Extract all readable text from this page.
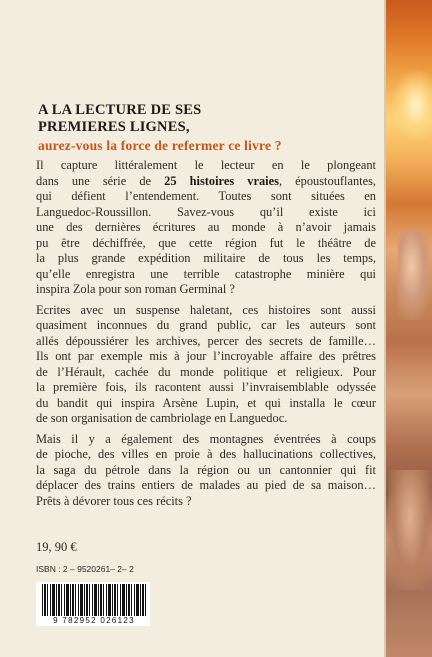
A LA LECTURE DE SES
PREMIERES LIGNES,
aurez-vous la force de refermer ce livre ?

Il capture littéralement le lecteur en le plongeant
dans une série de 25 histoires vraies, époustouflantes,
qui défient l’entendement. Toutes sont situées en
Languedoc-Roussillon. Savez-vous qu’il existe ici
une des dernières écritures au monde à n’avoir jamais
pu être déchiffrée, que cette région fut le théâtre de
la plus grande expédition militaire de tous les temps,
qu’elle enregistra une terrible catastrophe minière qui
inspira Zola pour son roman Germinal ?

Ecrites avec un suspense haletant, ces histoires sont aussi
quasiment inconnues du grand public, car les auteurs sont
allés dépoussiérer les archives, percer des secrets de famille…
Ils ont par exemple mis à jour l’incroyable affaire des prêtres
de l’Hérault, cachée du monde politique et religieux. Pour
la première fois, ils racontent aussi l’invraisemblable odyssée
du bandit qui inspira Arsène Lupin, et qui installa le cœur
de son organisation de cambriolage en Languedoc.

Mais il y a également des montagnes éventrées à coups
de pioche, des villes en proie à des hallucinations collectives,
la saga du pétrole dans la région ou un cantonnier qui fit
déplacer des trains entiers de malades au pied de sa maison…
Prêts à dévorer tous ces récits ?

19, 90 €
ISBN : 2 – 9520261– 2– 2
9 782952 026123
